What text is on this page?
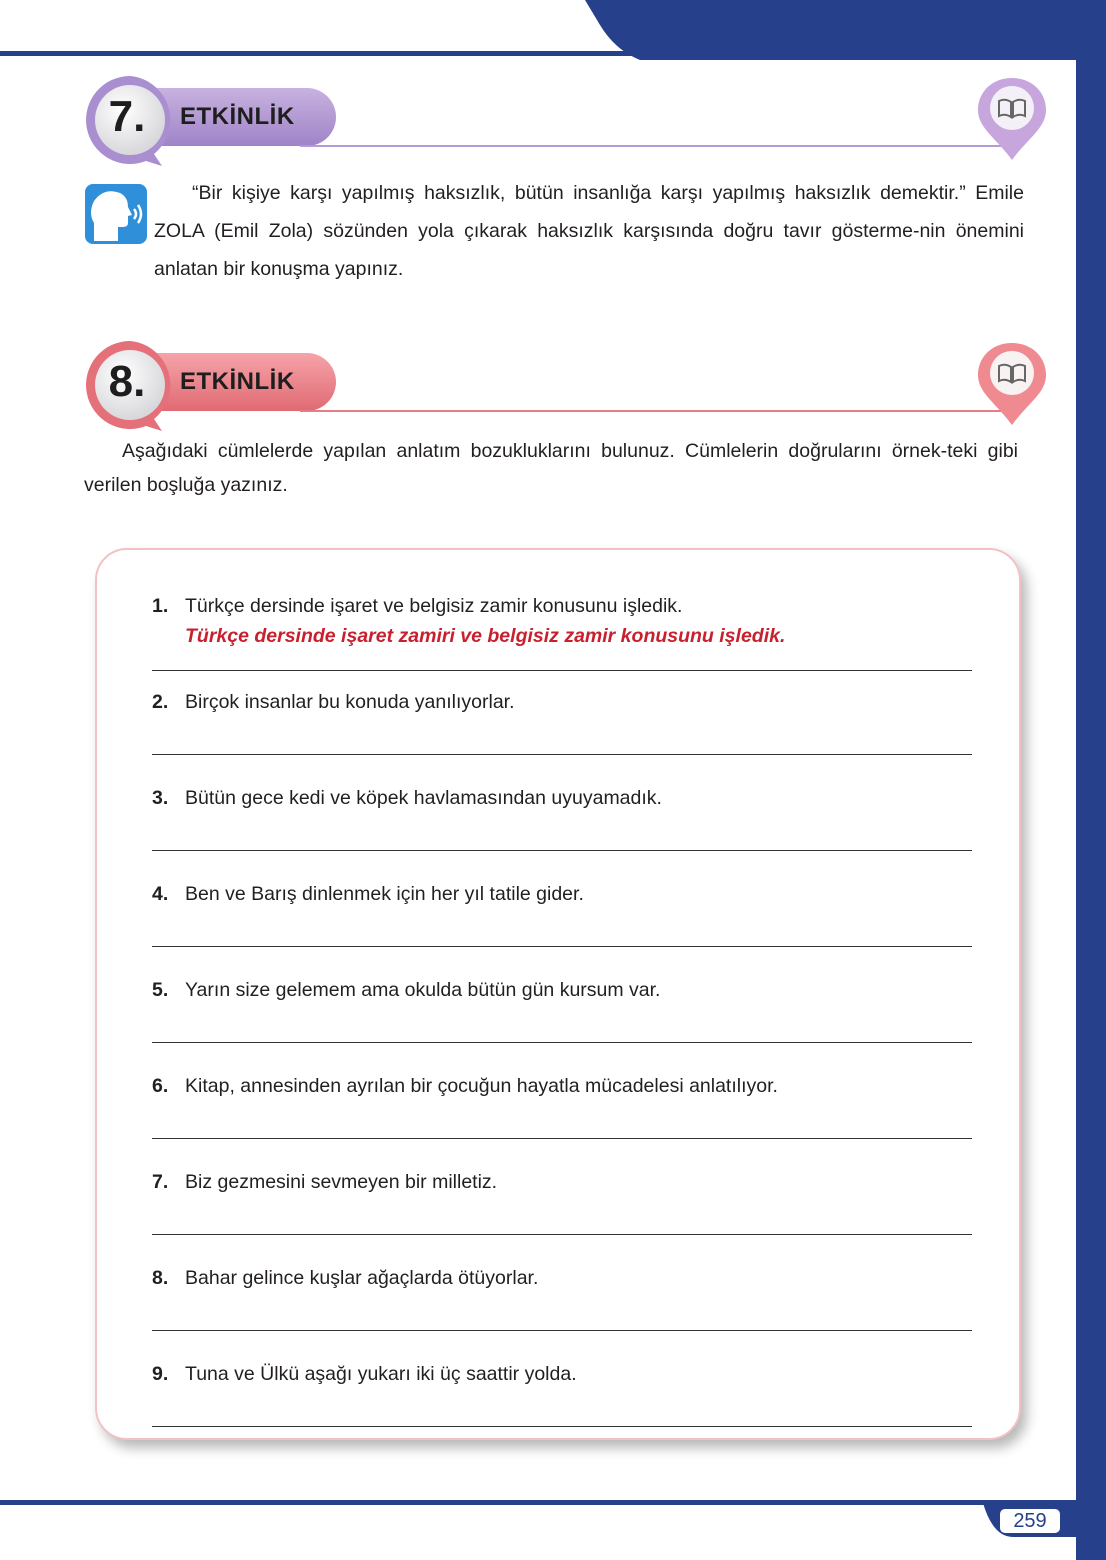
259
ETKİNLİK
7.
“Bir kişiye karşı yapılmış haksızlık, bütün insanlığa karşı yapılmış haksızlık demektir.” Emile ZOLA (Emil Zola) sözünden yola çıkarak haksızlık karşısında doğru tavır gösterme-nin önemini anlatan bir konuşma yapınız.
ETKİNLİK
8.
Aşağıdaki cümlelerde yapılan anlatım bozukluklarını bulunuz. Cümlelerin doğrularını örnek-teki gibi verilen boşluğa yazınız.
1. Türkçe dersinde işaret ve belgisiz zamir konusunu işledik.
Türkçe dersinde işaret zamiri ve belgisiz zamir konusunu işledik.
2. Birçok insanlar bu konuda yanılıyorlar.
3. Bütün gece kedi ve köpek havlamasından uyuyamadık.
4. Ben ve Barış dinlenmek için her yıl tatile gider.
5. Yarın size gelemem ama okulda bütün gün kursum var.
6. Kitap, annesinden ayrılan bir çocuğun hayatla mücadelesi anlatılıyor.
7. Biz gezmesini sevmeyen bir milletiz.
8. Bahar gelince kuşlar ağaçlarda ötüyorlar.
9. Tuna ve Ülkü aşağı yukarı iki üç saattir yolda.
